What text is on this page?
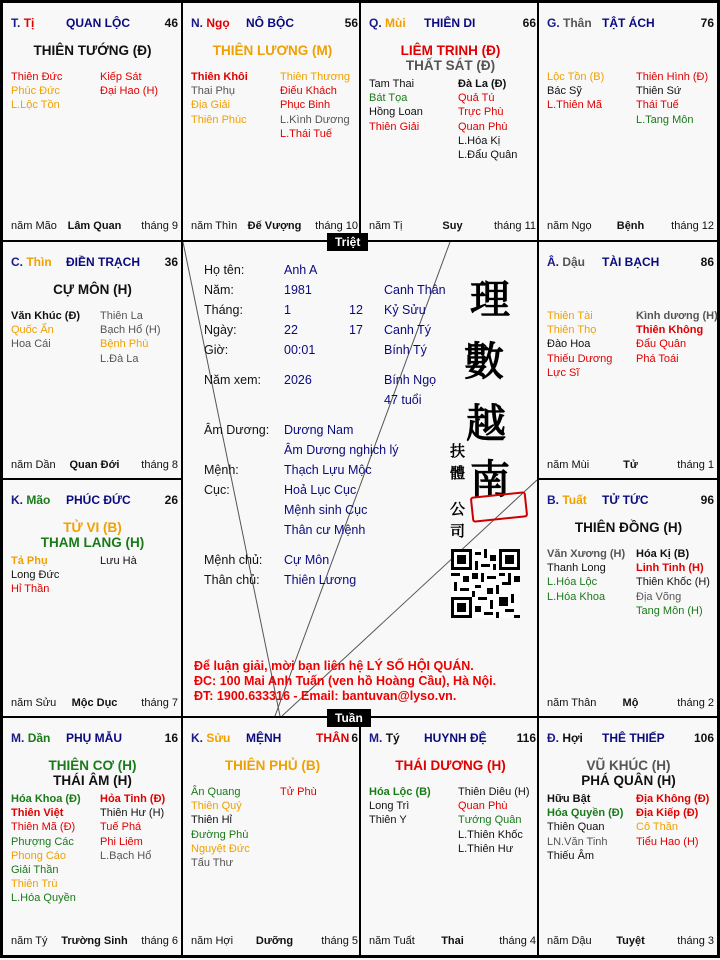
T. Tị	QUAN LỘC	46
THIÊN TƯỚNG (Đ)
Thiên Đức
Phúc Đức
L.Lộc Tồn
Kiếp Sát
Đại Hao (H)
năm Mão Lâm Quan	tháng 9
N. Ngọ NÔ BỘC	56
THIÊN LƯƠNG (M)
Thiên Khôi
Thai Phụ
Địa Giải
Thiên Phúc
Thiên Thương
Điếu Khách
Phục Binh
L.Kình Dương
L.Thái Tuế
năm Thìn Đế Vượng	tháng 10
Q. Mùi THIÊN DI	66
LIÊM TRINH (Đ)
THẤT SÁT (Đ)
Tam Thai
Bát Tọa
Hồng Loan
Thiên Giải
Đà La (Đ)
Quả Tú
Trực Phù
Quan Phù
L.Hóa Kị
L.Đẩu Quân
năm Tị	Suy	tháng 11
G. Thân TẬT ÁCH	76
Lộc Tồn (B)
Bác Sỹ
L.Thiên Mã
Thiên Hình (Đ)
Thiên Sứ
Thái Tuế
L.Tang Môn
năm Ngọ	Bệnh	tháng 12
C. Thìn ĐIỀN TRẠCH 36
CỰ MÔN (H)
Văn Khúc (Đ)
Quốc Ấn
Hoa Cái
Thiên La
Bạch Hổ (H)
Bệnh Phù
L.Đà La
năm Dần	Quan Đới	tháng 8
Â. Dậu TÀI BẠCH	86
Thiên Tài
Thiên Thọ
Đào Hoa
Thiếu Dương
Lực Sĩ
Kình dương (H)
Thiên Không
Đẩu Quân
Phá Toái
năm Mùi	Tử	tháng 1
K. Mão PHÚC ĐỨC	26
TỬ VI (B)
THAM LANG (H)
Tả Phụ
Long Đức
Hỉ Thần
Lưu Hà
năm Sửu	Mộc Dục	tháng 7
B. Tuất TỬ TỨC	96
THIÊN ĐỒNG (H)
Văn Xương (H)
Thanh Long
L.Hóa Lộc
L.Hóa Khoa
Hóa Kị (B)
Linh Tinh (H)
Thiên Khốc (H)
Địa Võng
Tang Môn (H)
năm Thân	Mộ	tháng 2
M. Dần PHỤ MẪU	16
THIÊN CƠ (H)
THÁI ÂM (H)
Hóa Khoa (Đ)
Thiên Việt
Thiên Mã (Đ)
Phượng Các
Phong Cáo
Giải Thần
Thiên Trù
L.Hóa Quyền
Hỏa Tinh (Đ)
Thiên Hư (H)
Tuế Phá
Phi Liêm
L.Bạch Hổ
năm Tý	Trường Sinh	tháng 6
K. Sửu MỆNH	THÂN 6
THIÊN PHỦ (B)
Ân Quang
Thiên Quý
Thiên Hỉ
Đường Phù
Nguyệt Đức
Tấu Thư
Tử Phù
năm Hợi	Dưỡng	tháng 5
M. Tý HUYNH ĐỆ 116
THÁI DƯƠNG (H)
Hóa Lộc (B)
Long Trì
Thiên Y
Thiên Diêu (H)
Quan Phù
Tướng Quân
L.Thiên Khốc
L.Thiên Hư
năm Tuất	Thai	tháng 4
Đ. Hợi THÊ THIẾP 106
VŨ KHÚC (H)
PHÁ QUÂN (H)
Hữu Bật
Hóa Quyền (Đ)
Thiên Quan
LN.Văn Tinh
Thiếu Âm
Địa Không (Đ)
Địa Kiếp (Đ)
Cô Thần
Tiểu Hao (H)
năm Dậu	Tuyệt	tháng 3
Triệt
Tuần
Họ tên:	Anh A
Năm:	1981	Canh Thân
Tháng:	1	12 Kỷ Sửu
Ngày:	22	17 Canh Tý
Giờ:	00:01	Bính Tý
Năm xem: 2026	Bính Ngọ
47 tuổi
Âm Dương: Dương Nam
Âm Dương nghịch lý
Mệnh:	Thạch Lựu Mộc
Cục:	Hoả Lục Cục
Mệnh sinh Cục
Thân cư Mệnh
Mệnh chủ: Cự Môn
Thân chủ: Thiên Lương
理
數
越
南
扶
體
公
司
Để luận giải, mời bạn liên hệ LÝ SỐ HỘI QUÁN.
ĐC: 100 Mai Anh Tuấn (ven hồ Hoàng Cầu), Hà Nội.
ĐT: 1900.633316 - Email: bantuvan@lyso.vn.
